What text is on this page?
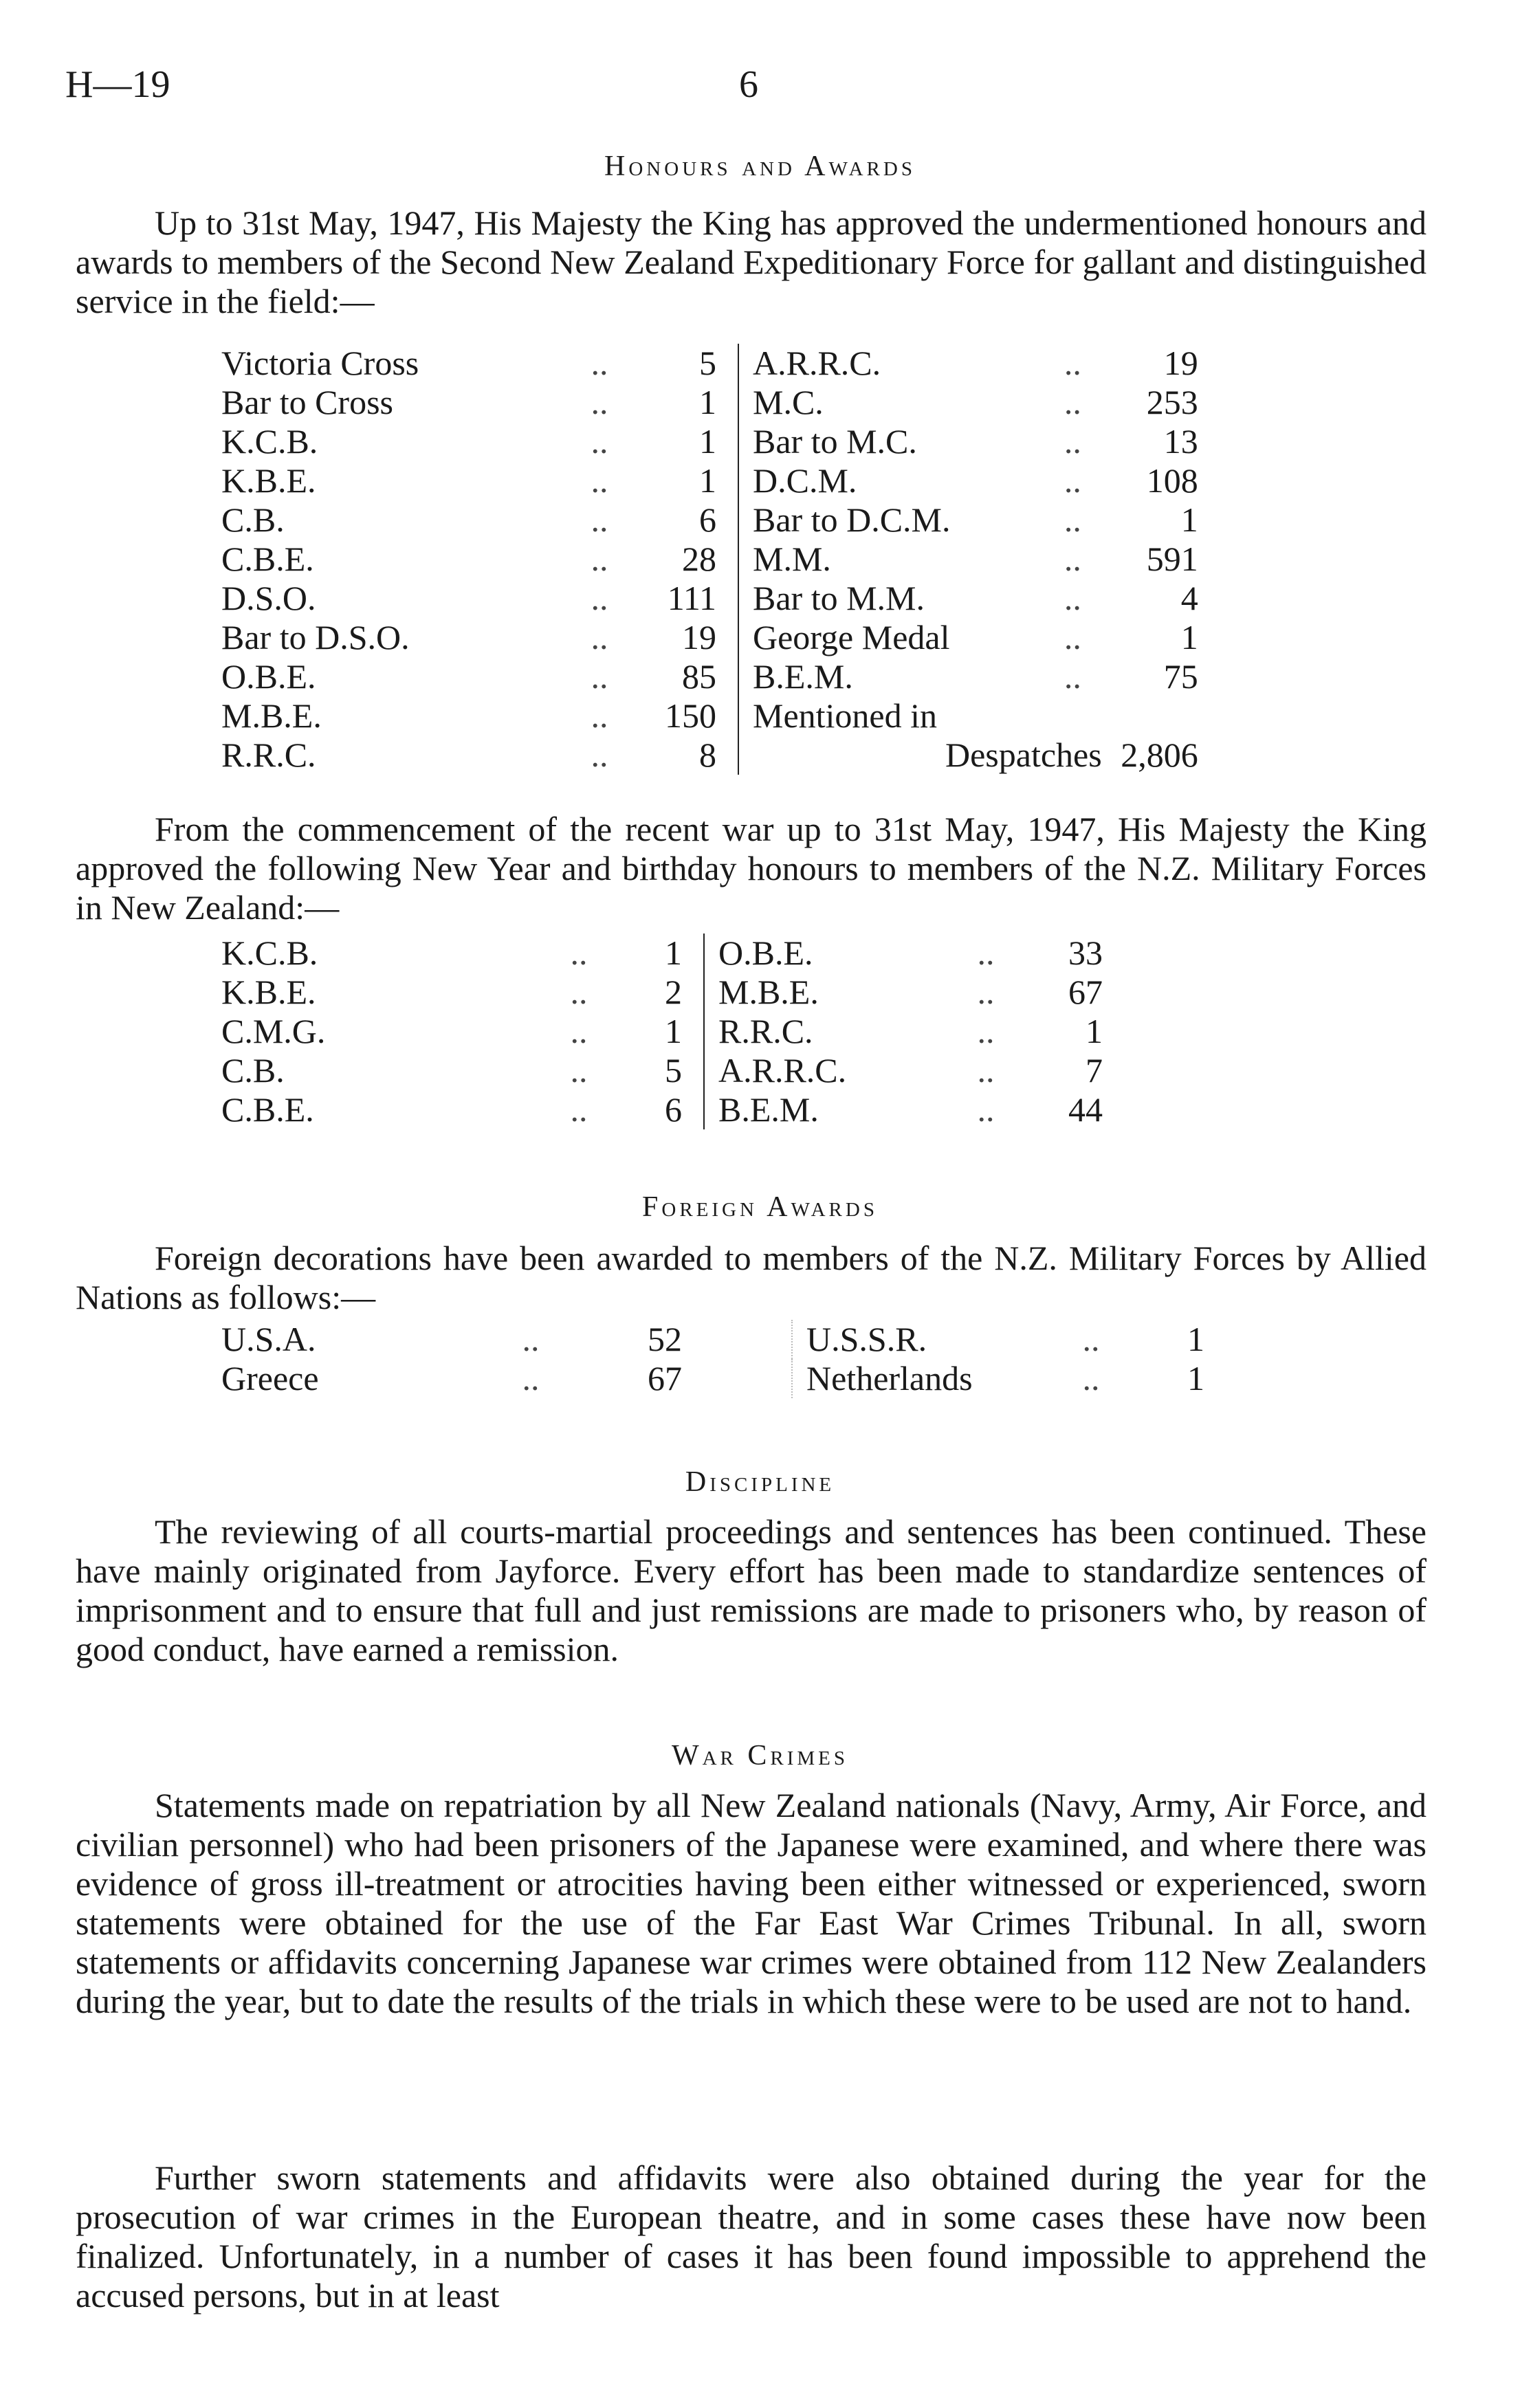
H—19	6
Honours and Awards

Up to 31st May, 1947, His Majesty the King has approved the undermentioned honours and awards to members of the Second New Zealand Expeditionary Force for gallant and distinguished service in the field:—

Victoria Cross	..	5		A.R.R.C.	..	19
Bar to Cross	..	1		M.C.	..	253
K.C.B.	..	1		Bar to M.C.	..	13
K.B.E.	..	1		D.C.M.	..	108
C.B.	..	6		Bar to D.C.M.	..	1
C.B.E.	..	28		M.M.	..	591
D.S.O.	..	111		Bar to M.M.	..	4
Bar to D.S.O.	..	19		George Medal	..	1
O.B.E.	..	85		B.E.M.	..	75
M.B.E.	..	150		Mentioned in		
R.R.C.	..	8		Despatches		2,806

From the commencement of the recent war up to 31st May, 1947, His Majesty the King approved the following New Year and birthday honours to members of the N.Z. Military Forces in New Zealand:—

K.C.B.	..	1		O.B.E.	..	33
K.B.E.	..	2		M.B.E.	..	67
C.M.G.	..	1		R.R.C.	..	1
C.B.	..	5		A.R.R.C.	..	7
C.B.E.	..	6		B.E.M.	..	44
Foreign Awards

Foreign decorations have been awarded to members of the N.Z. Military Forces by Allied Nations as follows:—

U.S.A.	..	52		U.S.S.R.	..	1
Greece	..	67		Netherlands	..	1
Discipline

The reviewing of all courts-martial proceedings and sentences has been continued. These have mainly originated from Jayforce. Every effort has been made to standardize sentences of imprisonment and to ensure that full and just remissions are made to prisoners who, by reason of good conduct, have earned a remission.

War Crimes

Statements made on repatriation by all New Zealand nationals (Navy, Army, Air Force, and civilian personnel) who had been prisoners of the Japanese were examined, and where there was evidence of gross ill-treatment or atrocities having been either witnessed or experienced, sworn statements were obtained for the use of the Far East War Crimes Tribunal. In all, sworn statements or affidavits concerning Japanese war crimes were obtained from 112 New Zealanders during the year, but to date the results of the trials in which these were to be used are not to hand.

Further sworn statements and affidavits were also obtained during the year for the prosecution of war crimes in the European theatre, and in some cases these have now been finalized. Unfortunately, in a number of cases it has been found impossible to apprehend the accused persons, but in at least
